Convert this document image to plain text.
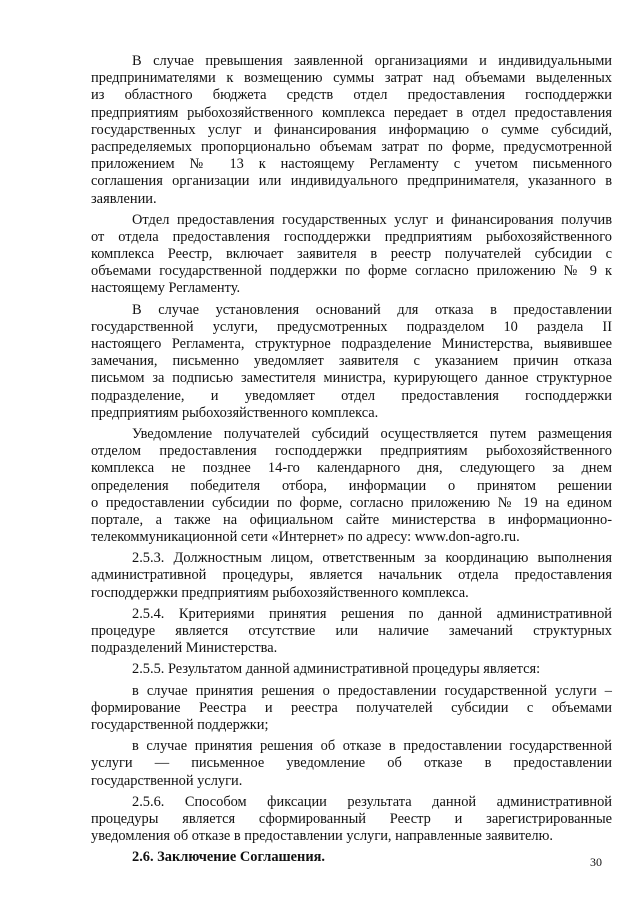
В случае превышения заявленной организациями и индивидуальными
предпринимателями к возмещению суммы затрат над объемами выделенных
из областного бюджета средств отдел предоставления господдержки
предприятиям рыбохозяйственного комплекса передает в отдел предоставления
государственных услуг и финансирования информацию о сумме субсидий,
распределяемых пропорционально объемам затрат по форме, предусмотренной
приложением № 13 к настоящему Регламенту с учетом письменного
соглашения организации или индивидуального предпринимателя, указанного в
заявлении.
Отдел предоставления государственных услуг и финансирования получив
от отдела предоставления господдержки предприятиям рыбохозяйственного
комплекса Реестр, включает заявителя в реестр получателей субсидии с
объемами государственной поддержки по форме согласно приложению № 9 к
настоящему Регламенту.
В случае установления оснований для отказа в предоставлении
государственной услуги, предусмотренных подразделом 10 раздела II
настоящего Регламента, структурное подразделение Министерства, выявившее
замечания, письменно уведомляет заявителя с указанием причин отказа
письмом за подписью заместителя министра, курирующего данное структурное
подразделение, и уведомляет отдел предоставления господдержки
предприятиям рыбохозяйственного комплекса.
Уведомление получателей субсидий осуществляется путем размещения
отделом предоставления господдержки предприятиям рыбохозяйственного
комплекса не позднее 14-го календарного дня, следующего за днем
определения победителя отбора, информации о принятом решении
о предоставлении субсидии по форме, согласно приложению № 19 на едином
портале, а также на официальном сайте министерства в информационно-
телекоммуникационной сети «Интернет» по адресу: www.don-agro.ru.
2.5.3. Должностным лицом, ответственным за координацию выполнения
административной процедуры, является начальник отдела предоставления
господдержки предприятиям рыбохозяйственного комплекса.
2.5.4. Критериями принятия решения по данной административной
процедуре является отсутствие или наличие замечаний структурных
подразделений Министерства.
2.5.5. Результатом данной административной процедуры является:
в случае принятия решения о предоставлении государственной услуги –
формирование Реестра и реестра получателей субсидии с объемами
государственной поддержки;
в случае принятия решения об отказе в предоставлении государственной
услуги — письменное уведомление об отказе в предоставлении
государственной услуги.
2.5.6. Способом фиксации результата данной административной
процедуры является сформированный Реестр и зарегистрированные
уведомления об отказе в предоставлении услуги, направленные заявителю.
2.6. Заключение Соглашения.	30
